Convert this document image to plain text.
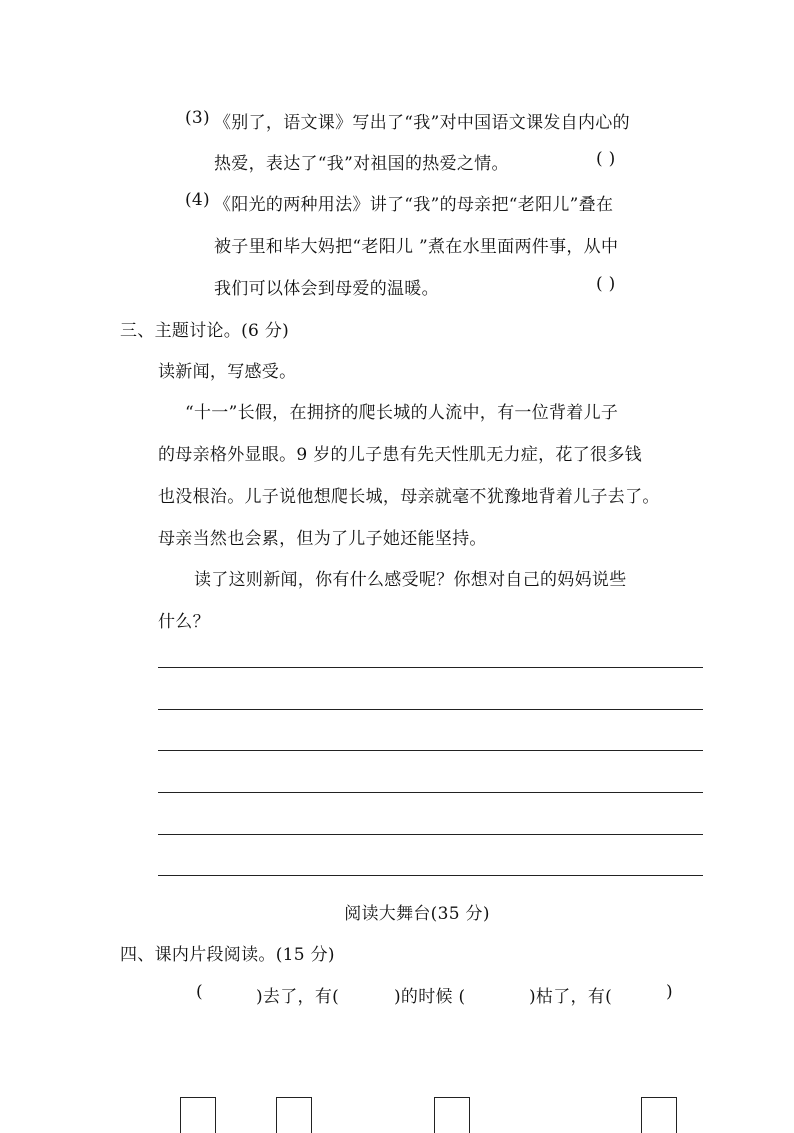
(3) 《别了，语文课》写出了“我”对中国语文课发自内心的
热爱，表达了“我”对祖国的热爱之情。	( )
(4) 《阳光的两种用法》讲了“我”的母亲把“老阳儿”叠在
被子里和毕大妈把“老阳儿 ”煮在水里面两件事，从中
我们可以体会到母爱的温暖。	( )
三、主题讨论。(6 分)
读新闻，写感受。
“十一”长假，在拥挤的爬长城的人流中，有一位背着儿子
的母亲格外显眼。9 岁的儿子患有先天性肌无力症，花了很多钱
也没根治。儿子说他想爬长城，母亲就毫不犹豫地背着儿子去了。
母亲当然也会累，但为了儿子她还能坚持。
读了这则新闻，你有什么感受呢？你想对自己的妈妈说些
什么？
阅读大舞台(35 分)
四、课内片段阅读。(15 分)
(	)去了，有(	)的时候 (	)枯了，有(	)
